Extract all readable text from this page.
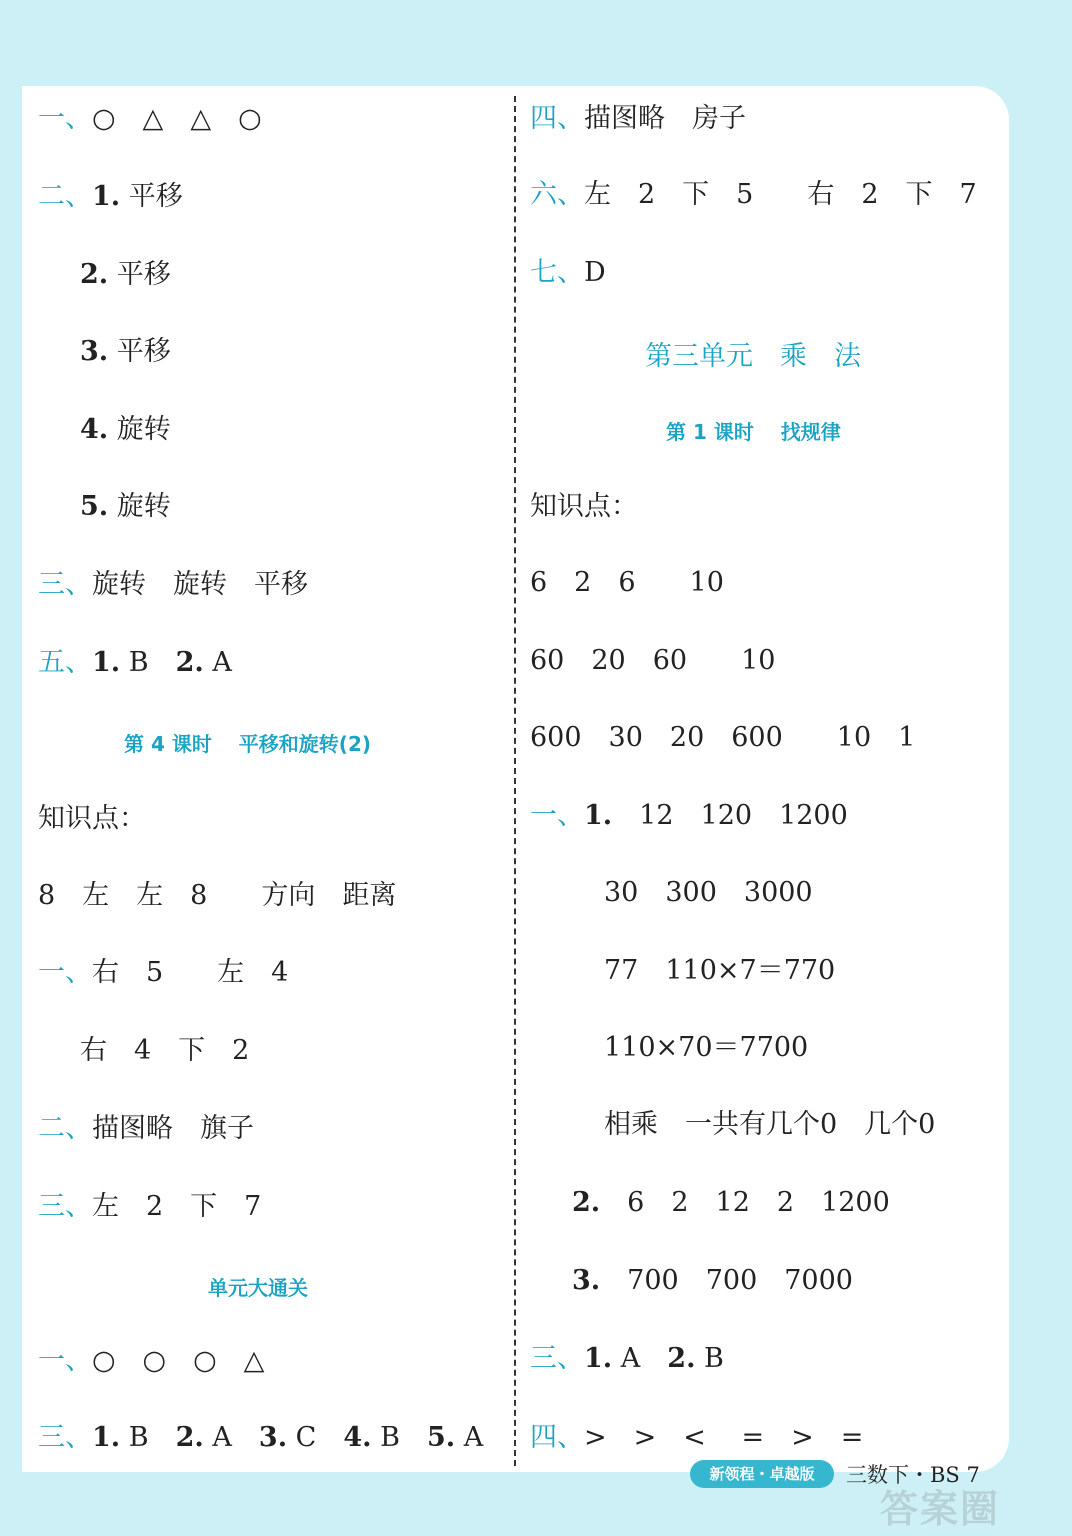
一、○　△　△　○
二、1. 平移
2. 平移
3. 平移
4. 旋转
5. 旋转
三、旋转　旋转　平移
五、1. B　2. A
第 4 课时　 平移和旋转(2)
知识点：
8　左　左　8　　方向　距离
一、右　5　　左　4
右　4　下　2
二、描图略　旗子
三、左　2　下　7
单元大通关
一、○　○　○　△
三、1. B　2. A　3. C　4. B　5. A
四、描图略　房子
六、左　2　下　5　　右　2　下　7
七、D
第三单元　乘　法
第 1 课时　 找规律
知识点：
6　2　6　　10
60　20　60　　10
600　30　20　600　　10　1
一、1.　12　120　1200
30　300　3000
77　110×7＝770
110×70＝7700
相乘　一共有几个0　几个0
2.　6　2　12　2　1200
3.　700　700　7000
三、1. A　2. B
四、>　>　<　 =　>　=
新领程・卓越版	三数下・BS 7
答案圈
